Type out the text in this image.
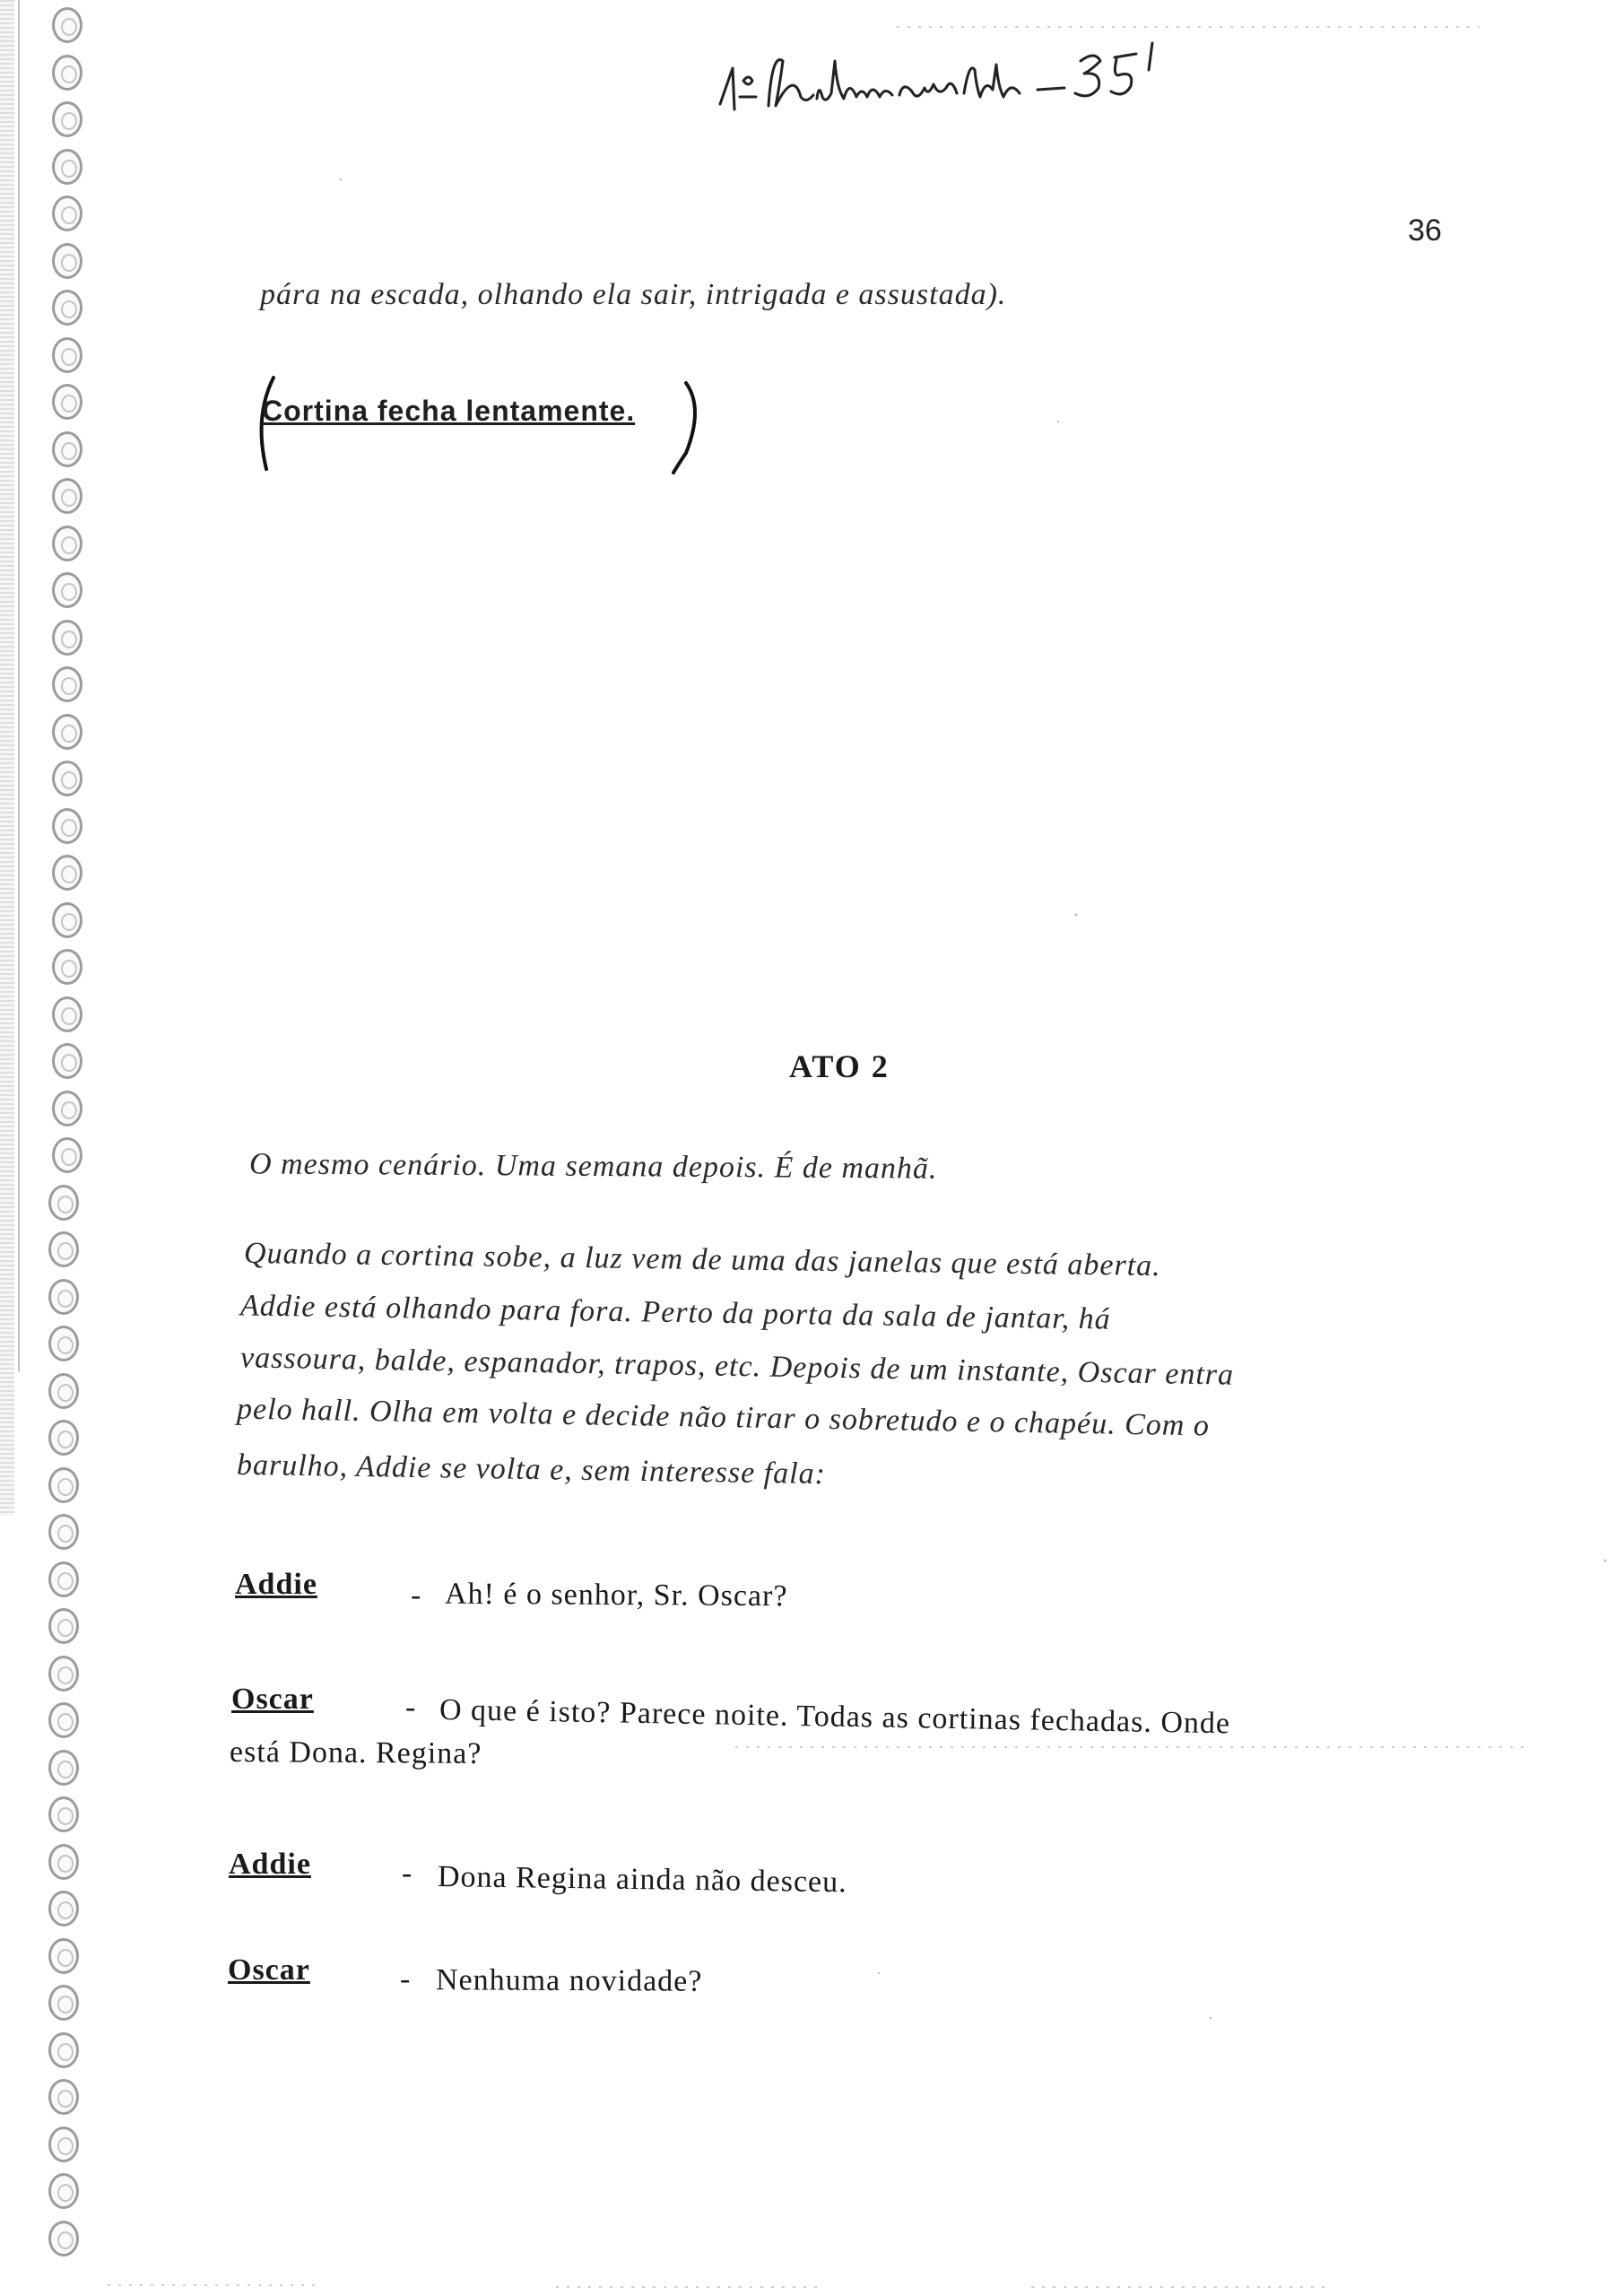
36
pára na escada, olhando ela sair, intrigada e assustada).
Cortina fecha lentamente.
ATO 2
O mesmo cenário. Uma semana depois. É de manhã.
Quando a cortina sobe, a luz vem de uma das janelas que está aberta.
Addie está olhando para fora. Perto da porta da sala de jantar, há
vassoura, balde, espanador, trapos, etc. Depois de um instante, Oscar entra
pelo hall. Olha em volta e decide não tirar o sobretudo e o chapéu. Com o
barulho, Addie se volta e, sem interesse fala:
Addie	- Ah! é o senhor, Sr. Oscar?
Oscar	- O que é isto? Parece noite. Todas as cortinas fechadas. Onde
está Dona. Regina?
Addie	- Dona Regina ainda não desceu.
Oscar	- Nenhuma novidade?
